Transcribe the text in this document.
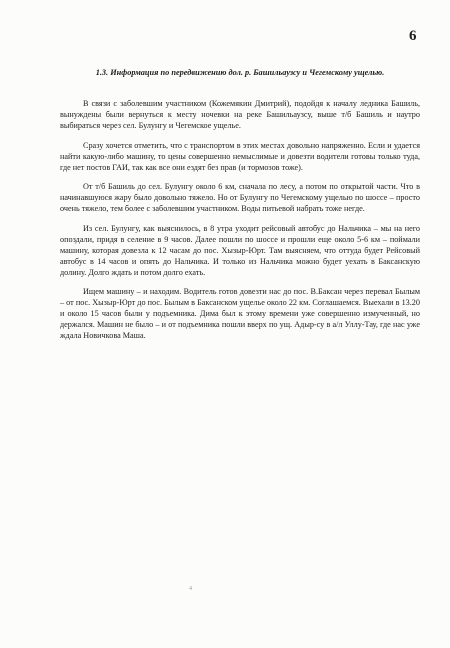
6
1.3. Информация по передвижению дол. р. Башильаузсу и Чегемскому ущелью.

В связи с заболевшим участником (Кожемякин Дмитрий), подойдя к началу ледника Башиль, вынуждены были вернуться к месту ночевки на реке Башильаузсу, выше т/б Башиль и наутро выбираться через сел. Булунгу и Чегемское ущелье.

Сразу хочется отметить, что с транспортом в этих местах довольно напряженно. Если и удается найти какую-либо машину, то цены совершенно немыслимые и довезти водители готовы только туда, где нет постов ГАИ, так как все они ездят без прав (и тормозов тоже).

От т/б Башиль до сел. Булунгу около 6 км, сначала по лесу, а потом по открытой части. Что в начинавшуюся жару было довольно тяжело. Но от Булунгу по Чегемскому ущелью по шоссе – просто очень тяжело, тем более с заболевшим участником. Воды питьевой набрать тоже негде.

Из сел. Булунгу, как выяснилось, в 8 утра уходит рейсовый автобус до Нальчика – мы на него опоздали, придя в селение в 9 часов. Далее пошли по шоссе и прошли еще около 5-6 км – поймали машину, которая довезла к 12 часам до пос. Хызыр-Юрт. Там выясняем, что оттуда будет Рейсовый автобус в 14 часов и опять до Нальчика. И только из Нальчика можно будет уехать в Баксанскую долину. Долго ждать и потом долго ехать.

Ищем машину – и находим. Водитель готов довезти нас до пос. В.Баксан через перевал Былым – от пос. Хызыр-Юрт до пос. Былым в Баксанском ущелье около 22 км. Соглашаемся. Выехали в 13.20 и около 15 часов были у подъемника. Дима был к этому времени уже совершенно измученный, но держался. Машин не было – и от подъемника пошли вверх по ущ. Адыр-су в а/л Уллу-Тау, где нас уже ждала Новичкова Маша.

4
